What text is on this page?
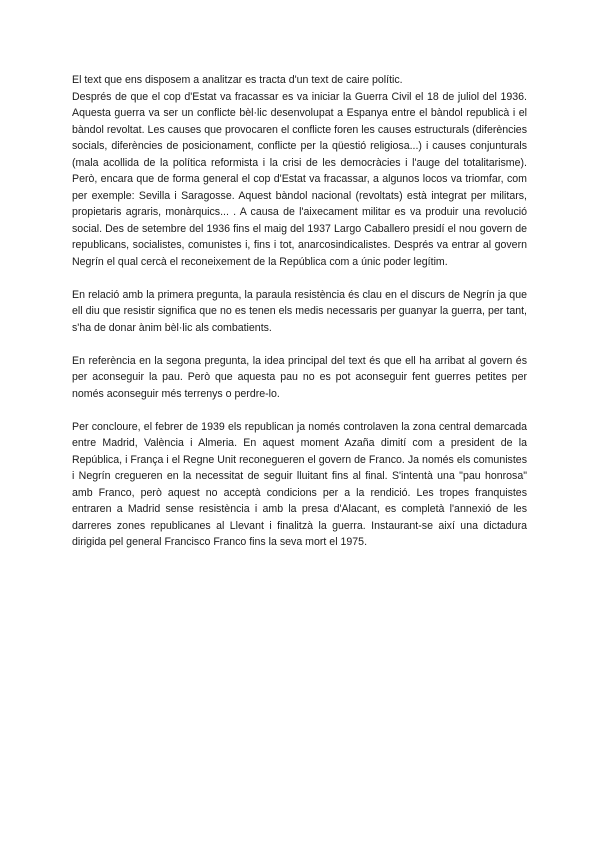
El text que ens disposem a analitzar es tracta d'un text de caire polític.

Després de que el cop d'Estat va fracassar es va iniciar la Guerra Civil el 18 de juliol del 1936. Aquesta guerra va ser un conflicte bèl·lic desenvolupat a Espanya entre el bàndol republicà i el bàndol revoltat. Les causes que provocaren el conflicte foren les causes estructurals (diferències socials, diferències de posicionament, conflicte per la qüestió religiosa...) i causes conjunturals (mala acollida de la política reformista i la crisi de les democràcies i l'auge del totalitarisme). Però, encara que de forma general el cop d'Estat va fracassar, a algunos locos va triomfar, com per exemple: Sevilla i Saragosse. Aquest bàndol nacional (revoltats) està integrat per militars, propietaris agraris, monàrquics... . A causa de l'aixecament militar es va produir una revolució social. Des de setembre del 1936 fins el maig del 1937 Largo Caballero presidí el nou govern de republicans, socialistes, comunistes i, fins i tot, anarcosindicalistes. Després va entrar al govern Negrín el qual cercà el reconeixement de la República com a únic poder legítim.

En relació amb la primera pregunta, la paraula resistència és clau en el discurs de Negrín ja que ell diu que resistir significa que no es tenen els medis necessaris per guanyar la guerra, per tant, s'ha de donar ànim bèl·lic als combatients.

En referència en la segona pregunta, la idea principal del text és que ell ha arribat al govern és per aconseguir la pau. Però que aquesta pau no es pot aconseguir fent guerres petites per només aconseguir més terrenys o perdre-lo.

Per concloure, el febrer de 1939 els republican ja només controlaven la zona central demarcada entre Madrid, València i Almeria. En aquest moment Azaña dimití com a president de la República, i França i el Regne Unit reconegueren el govern de Franco. Ja només els comunistes i Negrín cregueren en la necessitat de seguir lluitant fins al final. S'intentà una "pau honrosa" amb Franco, però aquest no acceptà condicions per a la rendició. Les tropes franquistes entraren a Madrid sense resistència i amb la presa d'Alacant, es completà l'annexió de les darreres zones republicanes al Llevant i finalitzà la guerra. Instaurant-se així una dictadura dirigida pel general Francisco Franco fins la seva mort el 1975.
